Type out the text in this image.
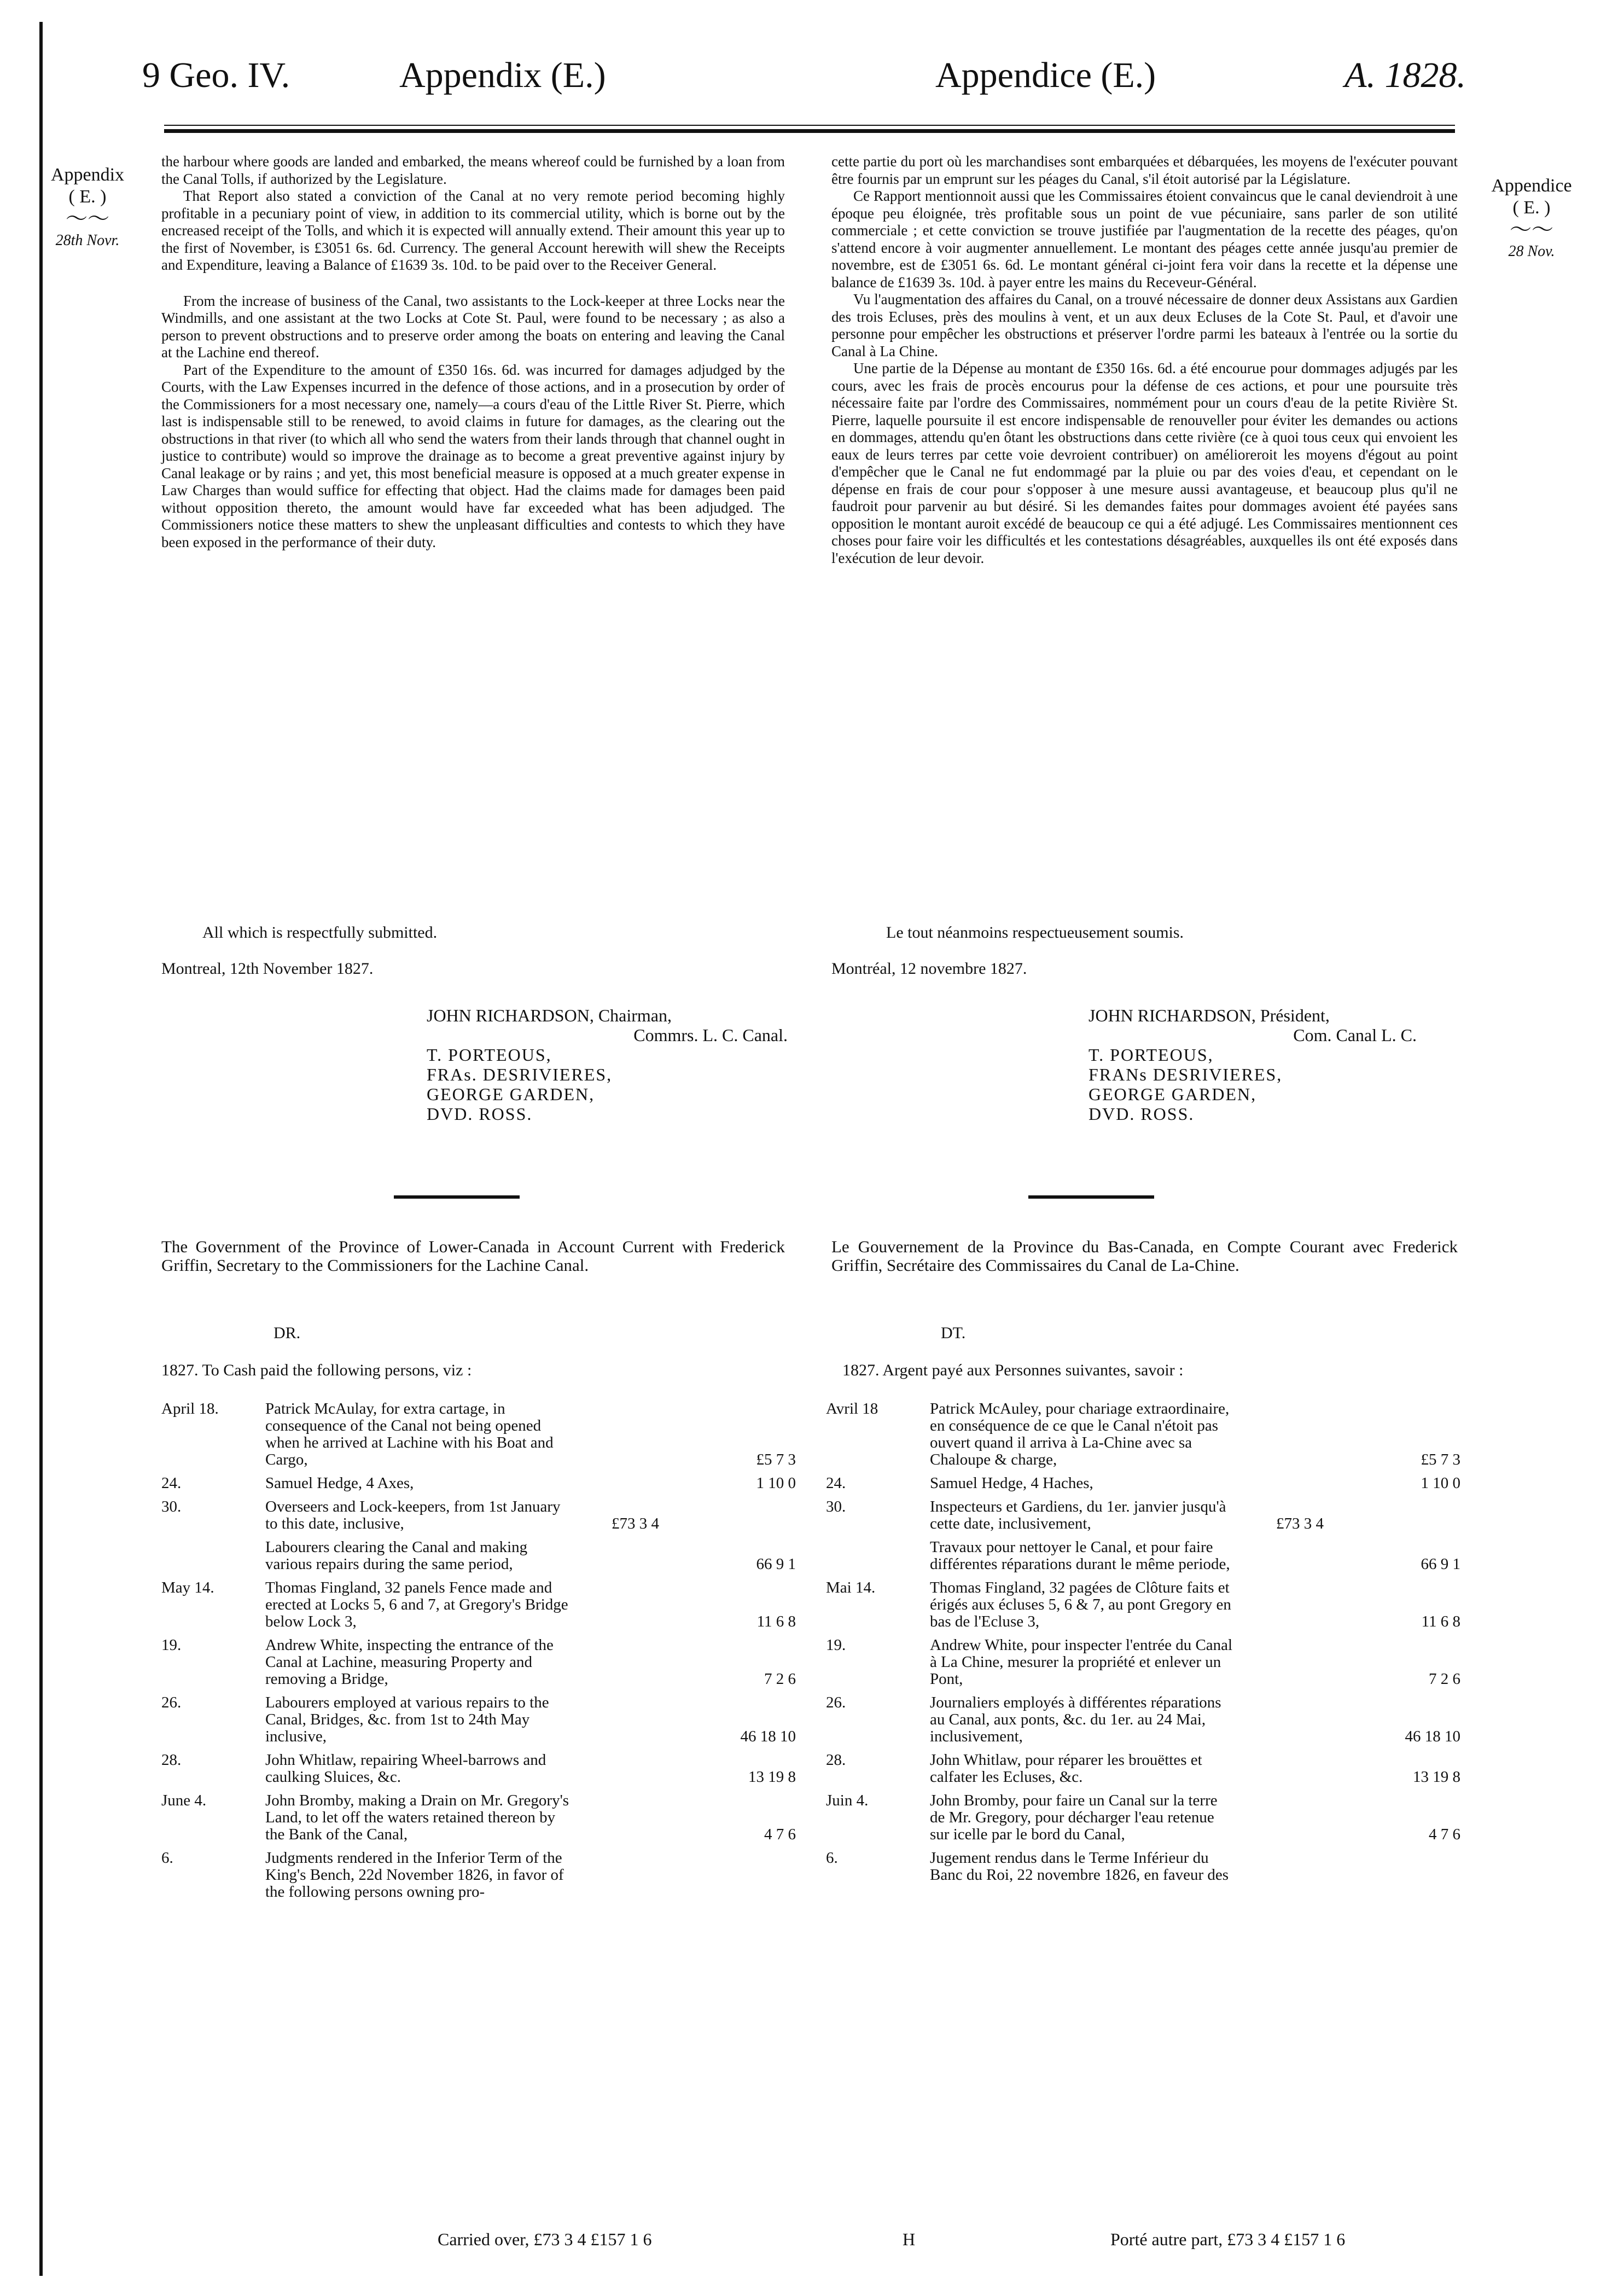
9 Geo. IV.	Appendix (E.)	Appendice (E.)	A. 1828.
Appendix
( E. )
〜〜
28th Novr.
Appendice
( E. )
〜〜
28 Nov.

the harbour where goods are landed and embarked, the means whereof could be furnished by a loan from the Canal Tolls, if authorized by the Legislature.

That Report also stated a conviction of the Canal at no very remote period becoming highly profitable in a pecuniary point of view, in addition to its commercial utility, which is borne out by the encreased receipt of the Tolls, and which it is expected will annually extend. Their amount this year up to the first of November, is £3051 6s. 6d. Currency. The general Account herewith will shew the Receipts and Expenditure, leaving a Balance of £1639 3s. 10d. to be paid over to the Receiver General.

From the increase of business of the Canal, two assistants to the Lock-keeper at three Locks near the Windmills, and one assistant at the two Locks at Cote St. Paul, were found to be necessary ; as also a person to prevent obstructions and to preserve order among the boats on entering and leaving the Canal at the Lachine end thereof.

Part of the Expenditure to the amount of £350 16s. 6d. was incurred for damages adjudged by the Courts, with the Law Expenses incurred in the defence of those actions, and in a prosecution by order of the Commissioners for a most necessary one, namely—a cours d'eau of the Little River St. Pierre, which last is indispensable still to be renewed, to avoid claims in future for damages, as the clearing out the obstructions in that river (to which all who send the waters from their lands through that channel ought in justice to contribute) would so improve the drainage as to become a great preventive against injury by Canal leakage or by rains ; and yet, this most beneficial measure is opposed at a much greater expense in Law Charges than would suffice for effecting that object. Had the claims made for damages been paid without opposition thereto, the amount would have far exceeded what has been adjudged. The Commissioners notice these matters to shew the unpleasant difficulties and contests to which they have been exposed in the performance of their duty.

cette partie du port où les marchandises sont embarquées et débarquées, les moyens de l'exécuter pouvant être fournis par un emprunt sur les péages du Canal, s'il étoit autorisé par la Législature.

Ce Rapport mentionnoit aussi que les Commissaires étoient convaincus que le canal deviendroit à une époque peu éloignée, très profitable sous un point de vue pécuniaire, sans parler de son utilité commerciale ; et cette conviction se trouve justifiée par l'augmentation de la recette des péages, qu'on s'attend encore à voir augmenter annuellement. Le montant des péages cette année jusqu'au premier de novembre, est de £3051 6s. 6d. Le montant général ci-joint fera voir dans la recette et la dépense une balance de £1639 3s. 10d. à payer entre les mains du Receveur-Général.

Vu l'augmentation des affaires du Canal, on a trouvé nécessaire de donner deux Assistans aux Gardien des trois Ecluses, près des moulins à vent, et un aux deux Ecluses de la Cote St. Paul, et d'avoir une personne pour empêcher les obstructions et préserver l'ordre parmi les bateaux à l'entrée ou la sortie du Canal à La Chine.

Une partie de la Dépense au montant de £350 16s. 6d. a été encourue pour dommages adjugés par les cours, avec les frais de procès encourus pour la défense de ces actions, et pour une poursuite très nécessaire faite par l'ordre des Commissaires, nommément pour un cours d'eau de la petite Rivière St. Pierre, laquelle poursuite il est encore indispensable de renouveller pour éviter les demandes ou actions en dommages, attendu qu'en ôtant les obstructions dans cette rivière (ce à quoi tous ceux qui envoient les eaux de leurs terres par cette voie devroient contribuer) on amélioreroit les moyens d'égout au point d'empêcher que le Canal ne fut endommagé par la pluie ou par des voies d'eau, et cependant on le dépense en frais de cour pour s'opposer à une mesure aussi avantageuse, et beaucoup plus qu'il ne faudroit pour parvenir au but désiré. Si les demandes faites pour dommages avoient été payées sans opposition le montant auroit excédé de beaucoup ce qui a été adjugé. Les Commissaires mentionnent ces choses pour faire voir les difficultés et les contestations désagréables, auxquelles ils ont été exposés dans l'exécution de leur devoir.

All which is respectfully submitted.
Montreal, 12th November 1827.
Le tout néanmoins respectueusement soumis.
Montréal, 12 novembre 1827.
JOHN RICHARDSON, Chairman,
Commrs. L. C. Canal.
T. PORTEOUS,
FRAs. DESRIVIERES,
GEORGE GARDEN,
DVD. ROSS.
JOHN RICHARDSON, Président,
Com. Canal L. C.
T. PORTEOUS,
FRANs DESRIVIERES,
GEORGE GARDEN,
DVD. ROSS.
The Government of the Province of Lower-Canada in Account Current with Frederick Griffin, Secretary to the Commissioners for the Lachine Canal.
Le Gouvernement de la Province du Bas-Canada, en Compte Courant avec Frederick Griffin, Secrétaire des Commissaires du Canal de La-Chine.
DR.	DT.
1827. To Cash paid the following persons, viz :	1827. Argent payé aux Personnes suivantes, savoir :
April 18.	Patrick McAulay, for extra cartage, in consequence of the Canal not being opened when he arrived at Lachine with his Boat and Cargo,	£5 7 3
24.	Samuel Hedge, 4 Axes,	1 10 0
30.	Overseers and Lock-keepers, from 1st January to this date, inclusive,	£73 3 4
Labourers clearing the Canal and making various repairs during the same period,	66 9 1
May 14.	Thomas Fingland, 32 panels Fence made and erected at Locks 5, 6 and 7, at Gregory's Bridge below Lock 3,	11 6 8
19.	Andrew White, inspecting the entrance of the Canal at Lachine, measuring Property and removing a Bridge,	7 2 6
26.	Labourers employed at various repairs to the Canal, Bridges, &c. from 1st to 24th May inclusive,	46 18 10
28.	John Whitlaw, repairing Wheel-barrows and caulking Sluices, &c.	13 19 8
June 4.	John Bromby, making a Drain on Mr. Gregory's Land, to let off the waters retained thereon by the Bank of the Canal,	4 7 6
6.	Judgments rendered in the Inferior Term of the King's Bench, 22d November 1826, in favor of the following persons owning pro-
Avril 18	Patrick McAuley, pour chariage extraordinaire, en conséquence de ce que le Canal n'étoit pas ouvert quand il arriva à La-Chine avec sa Chaloupe & charge,	£5 7 3
24.	Samuel Hedge, 4 Haches,	1 10 0
30.	Inspecteurs et Gardiens, du 1er. janvier jusqu'à cette date, inclusivement,	£73 3 4
Travaux pour nettoyer le Canal, et pour faire différentes réparations durant le même periode,	66 9 1
Mai 14.	Thomas Fingland, 32 pagées de Clôture faits et érigés aux écluses 5, 6 & 7, au pont Gregory en bas de l'Ecluse 3,	11 6 8
19.	Andrew White, pour inspecter l'entrée du Canal à La Chine, mesurer la propriété et enlever un Pont,	7 2 6
26.	Journaliers employés à différentes réparations au Canal, aux ponts, &c. du 1er. au 24 Mai, inclusivement,	46 18 10
28.	John Whitlaw, pour réparer les brouëttes et calfater les Ecluses, &c.	13 19 8
Juin 4.	John Bromby, pour faire un Canal sur la terre de Mr. Gregory, pour décharger l'eau retenue sur icelle par le bord du Canal,	4 7 6
6.	Jugement rendus dans le Terme Inférieur du Banc du Roi, 22 novembre 1826, en faveur des
Carried over, £73 3 4 £157 1 6	H	Porté autre part, £73 3 4 £157 1 6
